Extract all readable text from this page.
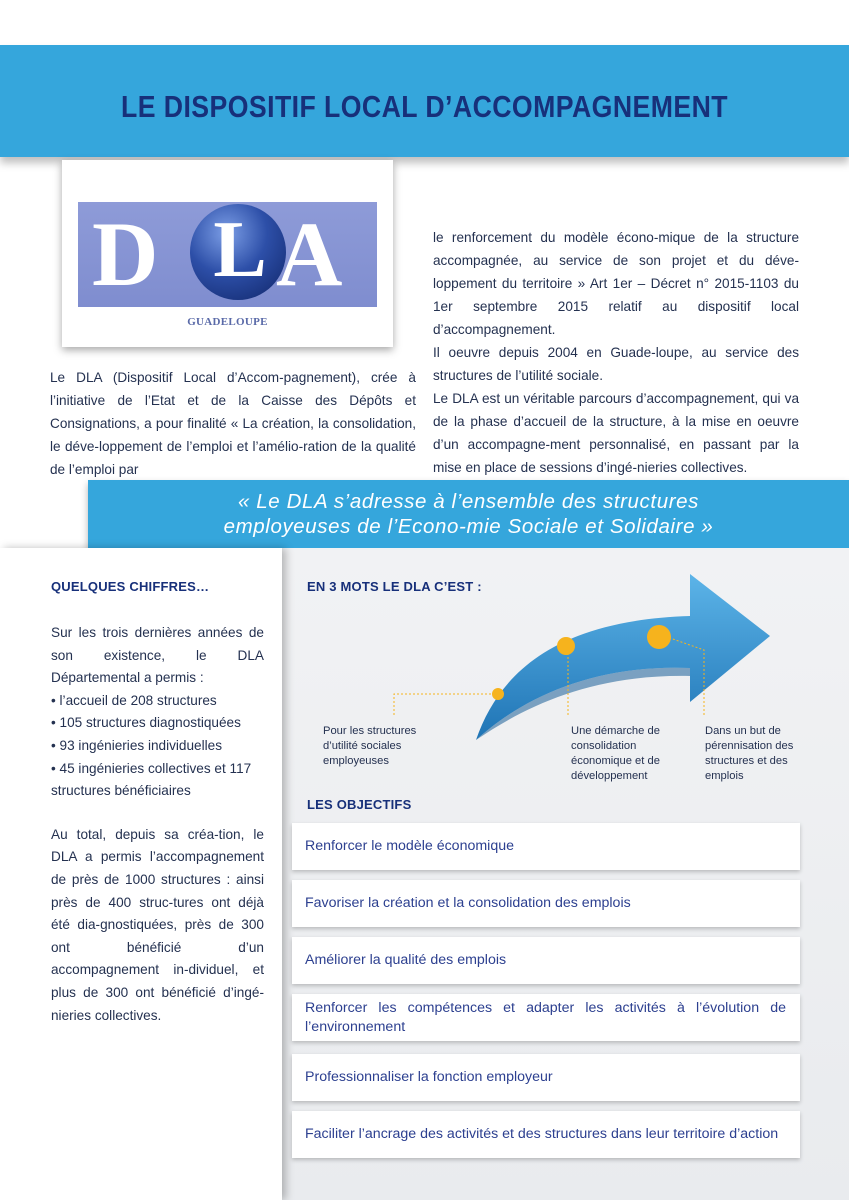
LE DISPOSITIF LOCAL D’ACCOMPAGNEMENT
D L A
GUADELOUPE

Le DLA (Dispositif Local d’Accom-pagnement), crée à l’initiative de l’Etat et de la Caisse des Dépôts et Consignations, a pour finalité « La création, la consolidation, le déve-loppement de l’emploi et l’amélio-ration de la qualité de l’emploi par

le renforcement du modèle écono-mique de la structure accompagnée, au service de son projet et du déve-loppement du territoire » Art 1er – Décret n° 2015-1103 du 1er septembre 2015 relatif au dispositif local d’accompagnement.

Il oeuvre depuis 2004 en Guade-loupe, au service des structures de l’utilité sociale.

Le DLA est un véritable parcours d’accompagnement, qui va de la phase d’accueil de la structure, à la mise en oeuvre d’un accompagne-ment personnalisé, en passant par la mise en place de sessions d’ingé-nieries collectives.

« Le DLA s’adresse à l’ensemble des structures
employeuses de l’Econo-mie Sociale et Solidaire »
QUELQUES CHIFFRES…

Sur les trois dernières années de son existence, le DLA Départemental a permis :

• l’accueil de 208 structures
• 105 structures diagnostiquées
• 93 ingénieries individuelles
• 45 ingénieries collectives et 117 structures bénéficiaires

Au total, depuis sa créa-tion, le DLA a permis l’accompagnement de près de 1000 structures : ainsi près de 400 struc-tures ont déjà été dia-gnostiquées, près de 300 ont bénéficié d’un accompagnement in-dividuel, et plus de 300 ont bénéficié d’ingé-nieries collectives.

EN 3 MOTS LE DLA C’EST :
Pour les structures d’utilité sociales employeuses
Une démarche de consolidation économique et de développement
Dans un but de pérennisation des structures et des emplois
LES OBJECTIFS
Renforcer le modèle économique
Favoriser la création et la consolidation des emplois
Améliorer la qualité des emplois
Renforcer les compétences et adapter les activités à l’évolution de l’environnement
Professionnaliser la fonction employeur
Faciliter l’ancrage des activités et des structures dans leur territoire d’action
